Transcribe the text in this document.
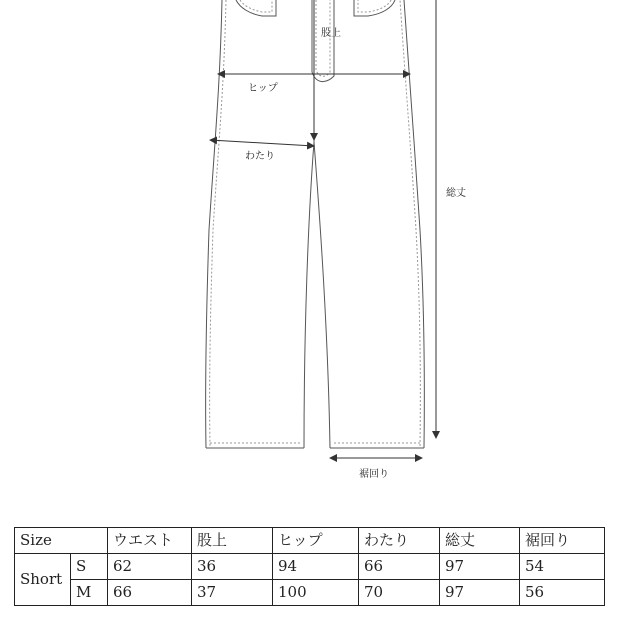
股上
ヒップ
わたり
総丈
裾回り
Size		ウエスト	股上	ヒップ	わたり	総丈	裾回り
Short	S	62	36	94	66	97	54
	M	66	37	100	70	97	56
